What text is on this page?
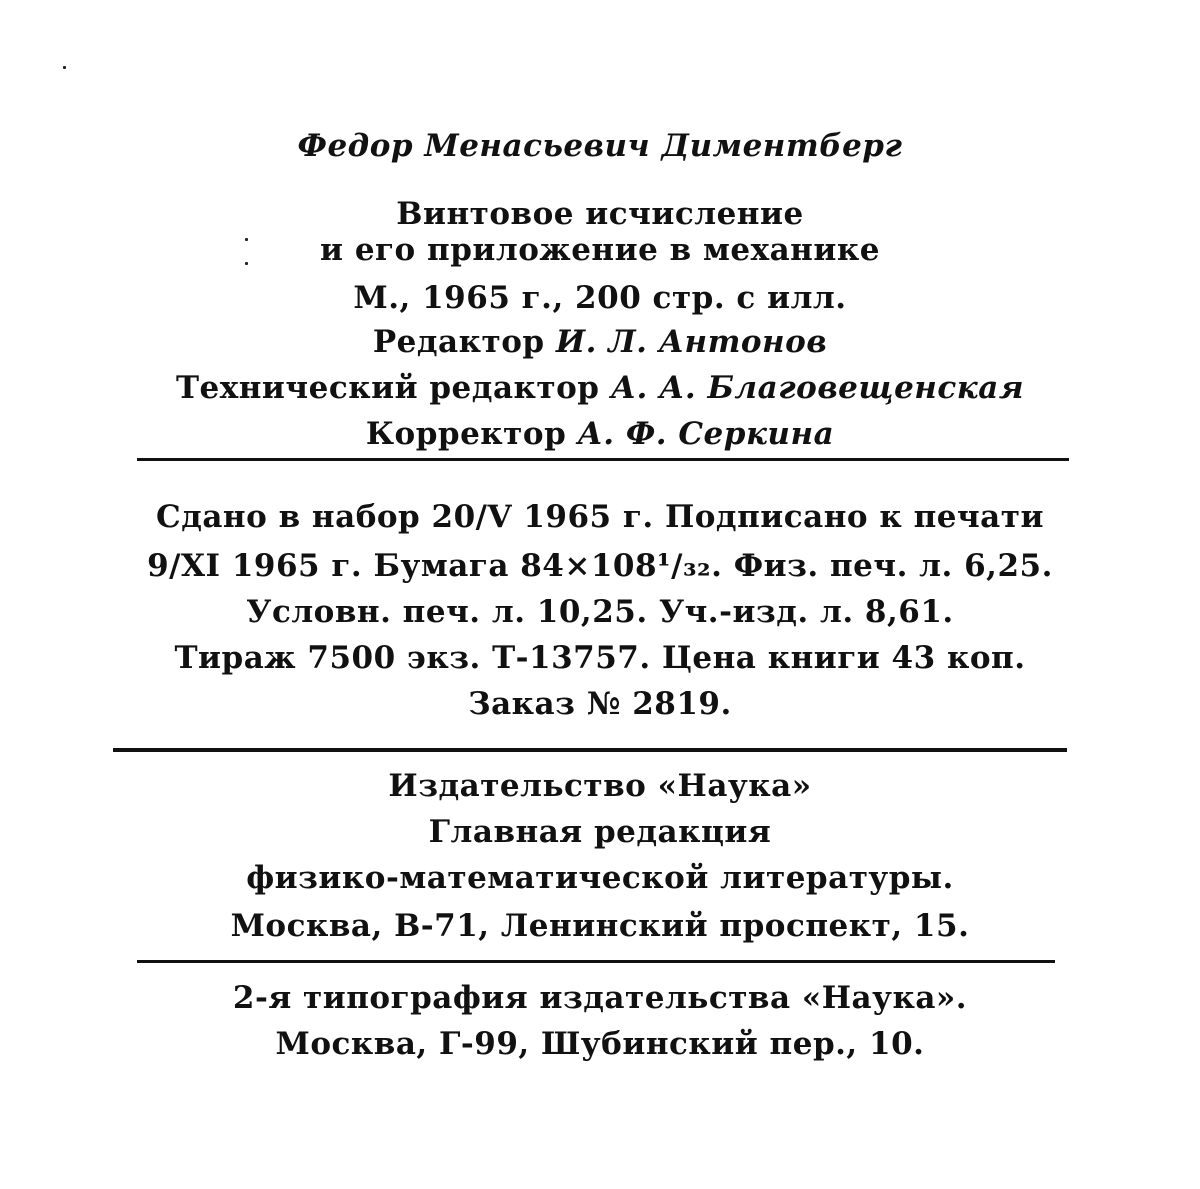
Федор Менасьевич Диментберг
Винтовое исчисление
и его приложение в механике
М., 1965 г., 200 стр. с илл.
Редактор И. Л. Антонов
Технический редактор А. А. Благовещенская
Корректор А. Ф. Серкина
Сдано в набор 20/V 1965 г. Подписано к печати
9/XI 1965 г. Бумага 84×108¹/₃₂. Физ. печ. л. 6,25.
Условн. печ. л. 10,25. Уч.-изд. л. 8,61.
Тираж 7500 экз. Т-13757. Цена книги 43 коп.
Заказ № 2819.
Издательство «Наука»
Главная редакция
физико-математической литературы.
Москва, В-71, Ленинский проспект, 15.
2-я типография издательства «Наука».
Москва, Г-99, Шубинский пер., 10.
